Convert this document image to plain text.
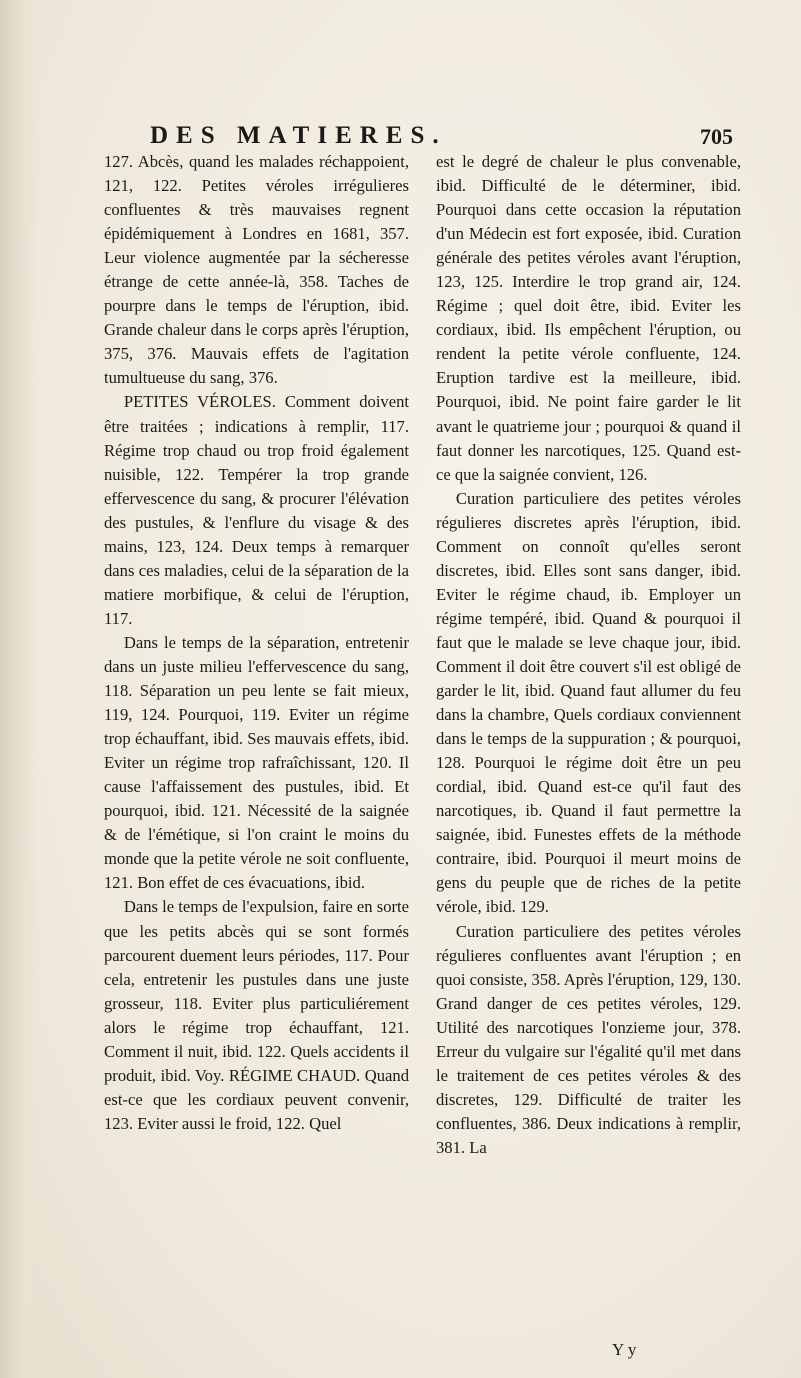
DES MATIERES.	705

127. Abcès, quand les malades réchappoient, 121, 122. Petites véroles irrégulieres confluentes & très mauvaises regnent épidémiquement à Londres en 1681, 357. Leur violence augmentée par la sécheresse étrange de cette année-là, 358. Taches de pourpre dans le temps de l'éruption, ibid. Grande chaleur dans le corps après l'éruption, 375, 376. Mauvais effets de l'agitation tumultueuse du sang, 376.

PETITES VÉROLES. Comment doivent être traitées ; indications à remplir, 117. Régime trop chaud ou trop froid également nuisible, 122. Tempérer la trop grande effervescence du sang, & procurer l'élévation des pustules, & l'enflure du visage & des mains, 123, 124. Deux temps à remarquer dans ces maladies, celui de la séparation de la matiere morbifique, & celui de l'éruption, 117.

Dans le temps de la séparation, entretenir dans un juste milieu l'effervescence du sang, 118. Séparation un peu lente se fait mieux, 119, 124. Pourquoi, 119. Eviter un régime trop échauffant, ibid. Ses mauvais effets, ibid. Eviter un régime trop rafraîchissant, 120. Il cause l'affaissement des pustules, ibid. Et pourquoi, ibid. 121. Nécessité de la saignée & de l'émétique, si l'on craint le moins du monde que la petite vérole ne soit confluente, 121. Bon effet de ces évacuations, ibid.

Dans le temps de l'expulsion, faire en sorte que les petits abcès qui se sont formés parcourent duement leurs périodes, 117. Pour cela, entretenir les pustules dans une juste grosseur, 118. Eviter plus particuliérement alors le régime trop échauffant, 121. Comment il nuit, ibid. 122. Quels accidents il produit, ibid. Voy. RÉGIME CHAUD. Quand est-ce que les cordiaux peuvent convenir, 123. Eviter aussi le froid, 122. Quel

est le degré de chaleur le plus convenable, ibid. Difficulté de le déterminer, ibid. Pourquoi dans cette occasion la réputation d'un Médecin est fort exposée, ibid. Curation générale des petites véroles avant l'éruption, 123, 125. Interdire le trop grand air, 124. Régime ; quel doit être, ibid. Eviter les cordiaux, ibid. Ils empêchent l'éruption, ou rendent la petite vérole confluente, 124. Eruption tardive est la meilleure, ibid. Pourquoi, ibid. Ne point faire garder le lit avant le quatrieme jour ; pourquoi & quand il faut donner les narcotiques, 125. Quand est-ce que la saignée convient, 126.

Curation particuliere des petites véroles régulieres discretes après l'éruption, ibid. Comment on connoît qu'elles seront discretes, ibid. Elles sont sans danger, ibid. Eviter le régime chaud, ib. Employer un régime tempéré, ibid. Quand & pourquoi il faut que le malade se leve chaque jour, ibid. Comment il doit être couvert s'il est obligé de garder le lit, ibid. Quand faut allumer du feu dans la chambre, Quels cordiaux conviennent dans le temps de la suppuration ; & pourquoi, 128. Pourquoi le régime doit être un peu cordial, ibid. Quand est-ce qu'il faut des narcotiques, ib. Quand il faut permettre la saignée, ibid. Funestes effets de la méthode contraire, ibid. Pourquoi il meurt moins de gens du peuple que de riches de la petite vérole, ibid. 129.

Curation particuliere des petites véroles régulieres confluentes avant l'éruption ; en quoi consiste, 358. Après l'éruption, 129, 130. Grand danger de ces petites véroles, 129. Utilité des narcotiques l'onzieme jour, 378. Erreur du vulgaire sur l'égalité qu'il met dans le traitement de ces petites véroles & des discretes, 129. Difficulté de traiter les confluentes, 386. Deux indications à remplir, 381. La

Y y
